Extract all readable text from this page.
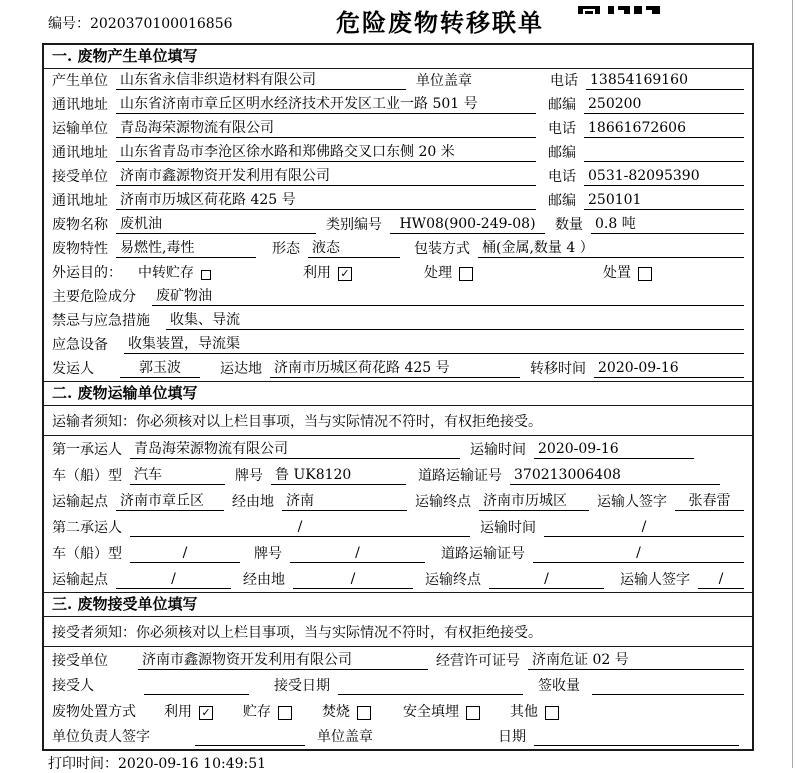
编号：2020370100016856	危险废物转移联单
一. 废物产生单位填写
产生单位 山东省永信非织造材料有限公司	单位盖章	电话 13854169160
通讯地址 山东省济南市章丘区明水经济技术开发区工业一路 501 号	邮编 250200
运输单位 青岛海荣源物流有限公司	电话 18661672606
通讯地址 山东省青岛市李沧区徐水路和郑佛路交叉口东侧 20 米	邮编
接受单位 济南市鑫源物资开发利用有限公司	电话 0531-82095390
通讯地址 济南市历城区荷花路 425 号	邮编 250101
废物名称 废机油	类别编号	HW08(900-249-08)	数量 0.8 吨
废物特性 易燃性,毒性	形态 液态	包装方式 桶(金属,数量 4 ）
外运目的： 中转贮存	利用 ✓	处理	处置
主要危险成分 废矿物油
禁忌与应急措施 收集、导流
应急设备 收集装置，导流渠
发运人	郭玉波	运达地 济南市历城区荷花路 425 号	转移时间 2020-09-16
二. 废物运输单位填写
运输者须知：你必须核对以上栏目事项，当与实际情况不符时，有权拒绝接受。
第一承运人 青岛海荣源物流有限公司	运输时间 2020-09-16
车（船）型 汽车	牌号 鲁 UK8120	道路运输证号 370213006408
运输起点 济南市章丘区	经由地 济南	运输终点 济南市历城区	运输人签字	张春雷
第二承运人	/	运输时间	/
车（船）型	/	牌号	/	道路运输证号	/
运输起点	/	经由地	/	运输终点	/	运输人签字	/
三. 废物接受单位填写
接受者须知：你必须核对以上栏目事项，当与实际情况不符时，有权拒绝接受。
接受单位 济南市鑫源物资开发利用有限公司	经营许可证号 济南危证 02 号
接受人	接受日期	签收量
废物处置方式 利用 ✓ 贮存	焚烧	安全填埋	其他
单位负责人签字	单位盖章	日期
打印时间：2020-09-16 10:49:51
